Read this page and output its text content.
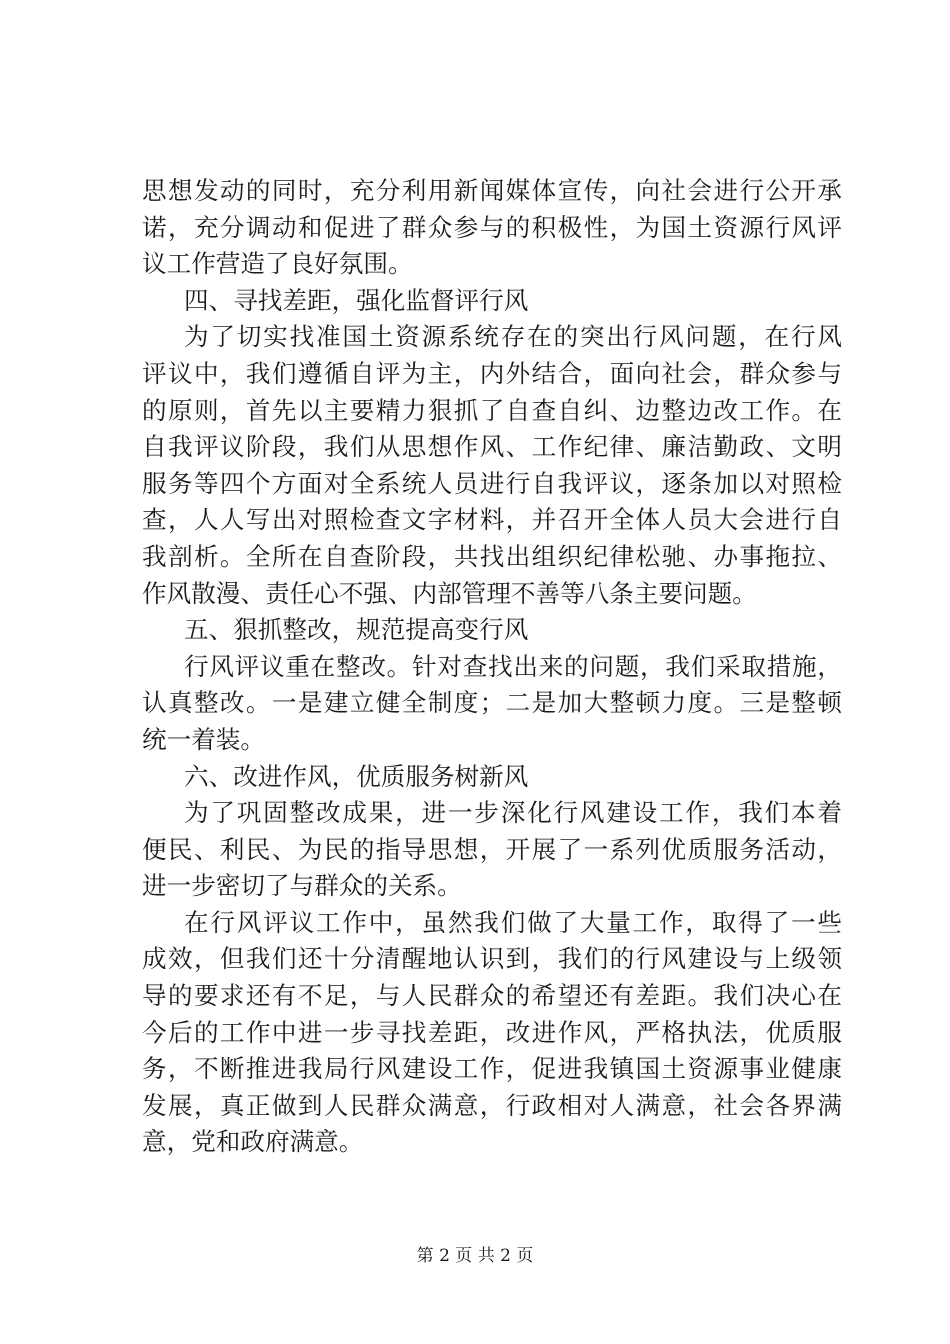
思想发动的同时，充分利用新闻媒体宣传，向社会进行公开承
诺，充分调动和促进了群众参与的积极性，为国土资源行风评
议工作营造了良好氛围。
四、寻找差距，强化监督评行风
为了切实找准国土资源系统存在的突出行风问题，在行风
评议中，我们遵循自评为主，内外结合，面向社会，群众参与
的原则，首先以主要精力狠抓了自查自纠、边整边改工作。在
自我评议阶段，我们从思想作风、工作纪律、廉洁勤政、文明
服务等四个方面对全系统人员进行自我评议，逐条加以对照检
查，人人写出对照检查文字材料，并召开全体人员大会进行自
我剖析。全所在自查阶段，共找出组织纪律松驰、办事拖拉、
作风散漫、责任心不强、内部管理不善等八条主要问题。
五、狠抓整改，规范提高变行风
行风评议重在整改。针对查找出来的问题，我们采取措施，
认真整改。一是建立健全制度；二是加大整顿力度。三是整顿
统一着装。
六、改进作风，优质服务树新风
为了巩固整改成果，进一步深化行风建设工作，我们本着
便民、利民、为民的指导思想，开展了一系列优质服务活动，
进一步密切了与群众的关系。
在行风评议工作中，虽然我们做了大量工作，取得了一些
成效，但我们还十分清醒地认识到，我们的行风建设与上级领
导的要求还有不足，与人民群众的希望还有差距。我们决心在
今后的工作中进一步寻找差距，改进作风，严格执法，优质服
务，不断推进我局行风建设工作，促进我镇国土资源事业健康
发展，真正做到人民群众满意，行政相对人满意，社会各界满
意，党和政府满意。
第 2 页 共 2 页
